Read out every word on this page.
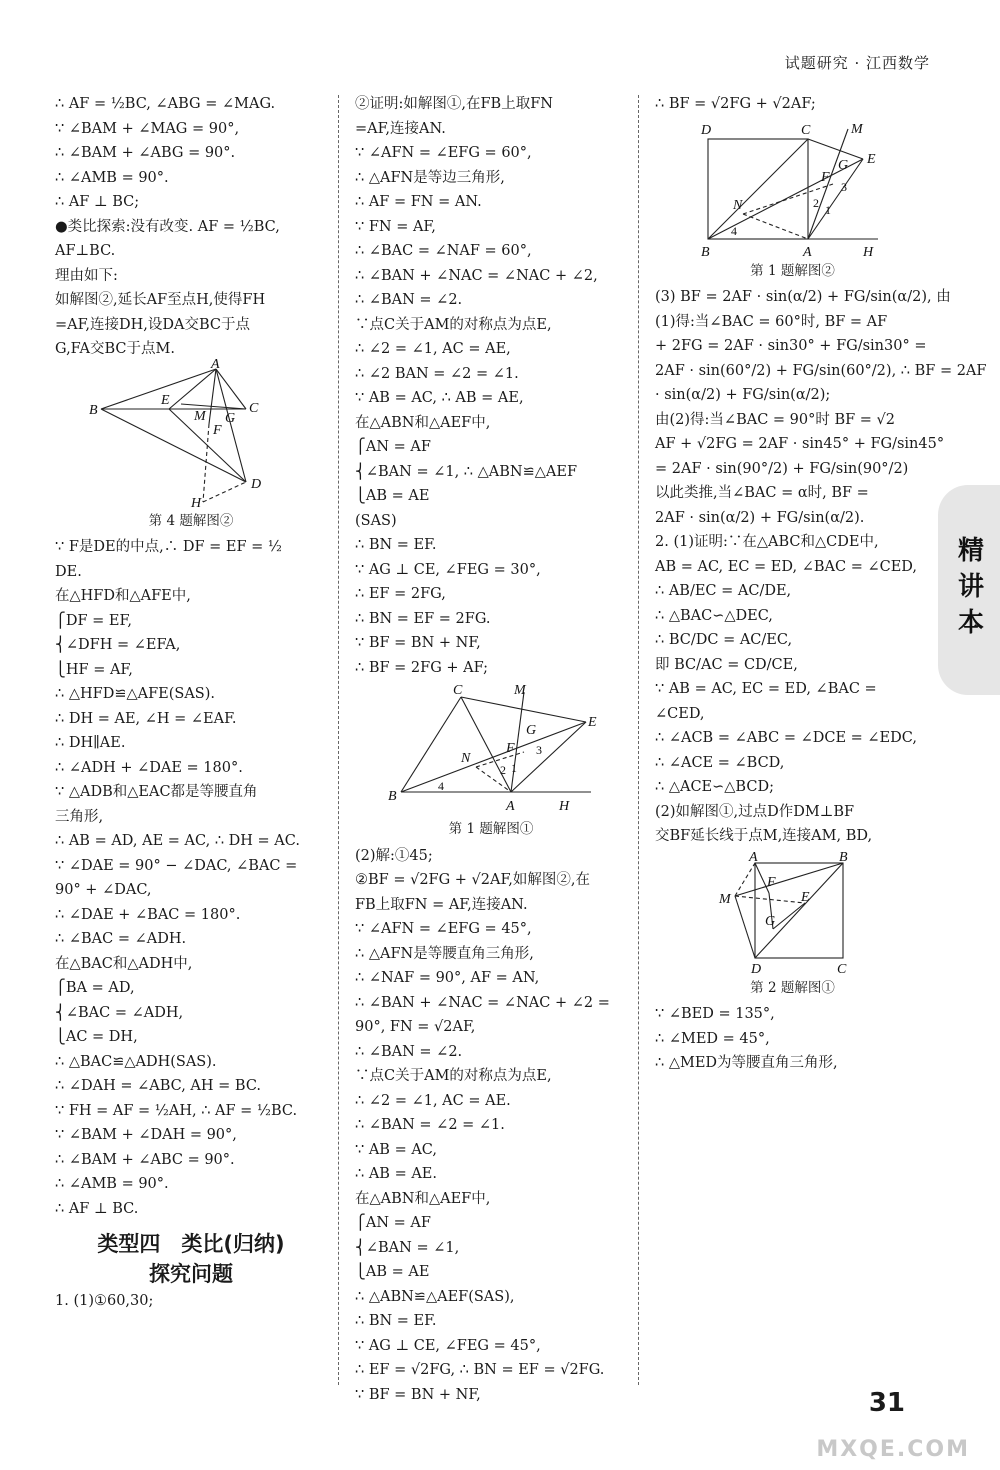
试题研究 · 江西数学
精讲本
∴ AF = ½BC, ∠ABG = ∠MAG.
∵ ∠BAM + ∠MAG = 90°,
∴ ∠BAM + ∠ABG = 90°.
∴ ∠AMB = 90°.
∴ AF ⊥ BC;
●类比探索:没有改变. AF = ½BC,
AF⊥BC.
理由如下:
如解图②,延长AF至点H,使得FH
=AF,连接DH,设DA交BC于点
G,FA交BC于点M.
A
B	C
D
E
F
G
H
M
第 4 题解图②
∵ F是DE的中点,∴ DF = EF = ½
DE.
在△HFD和△AFE中,
⎧DF = EF,
⎨∠DFH = ∠EFA,
⎩HF = AF,
∴ △HFD≌△AFE(SAS).
∴ DH = AE, ∠H = ∠EAF.
∴ DH∥AE.
∴ ∠ADH + ∠DAE = 180°.
∵ △ADB和△EAC都是等腰直角
三角形,
∴ AB = AD, AE = AC, ∴ DH = AC.
∵ ∠DAE = 90° − ∠DAC, ∠BAC =
90° + ∠DAC,
∴ ∠DAE + ∠BAC = 180°.
∴ ∠BAC = ∠ADH.
在△BAC和△ADH中,
⎧BA = AD,
⎨∠BAC = ∠ADH,
⎩AC = DH,
∴ △BAC≌△ADH(SAS).
∴ ∠DAH = ∠ABC, AH = BC.
∵ FH = AF = ½AH, ∴ AF = ½BC.
∵ ∠BAM + ∠DAH = 90°,
∴ ∠BAM + ∠ABC = 90°.
∴ ∠AMB = 90°.
∴ AF ⊥ BC.
类型四　类比(归纳)
探究问题
1. (1)①60,30;
②证明:如解图①,在FB上取FN
=AF,连接AN.
∵ ∠AFN = ∠EFG = 60°,
∴ △AFN是等边三角形,
∴ AF = FN = AN.
∵ FN = AF,
∴ ∠BAC = ∠NAF = 60°,
∴ ∠BAN + ∠NAC = ∠NAC + ∠2,
∴ ∠BAN = ∠2.
∵点C关于AM的对称点为点E,
∴ ∠2 = ∠1, AC = AE,
∴ ∠2 BAN = ∠2 = ∠1.
∵ AB = AC, ∴ AB = AE,
在△ABN和△AEF中,
⎧AN = AF
⎨∠BAN = ∠1, ∴ △ABN≌△AEF
⎩AB = AE
(SAS)
∴ BN = EF.
∵ AG ⊥ CE, ∠FEG = 30°,
∴ EF = 2FG,
∴ BN = EF = 2FG.
∵ BF = BN + NF,
∴ BF = 2FG + AF;
A
B
C
E
F
G
H
M
N
1
2
3
4
第 1 题解图①
(2)解:①45;
②BF = √2FG + √2AF,如解图②,在
FB上取FN = AF,连接AN.
∵ ∠AFN = ∠EFG = 45°,
∴ △AFN是等腰直角三角形,
∴ ∠NAF = 90°, AF = AN,
∴ ∠BAN + ∠NAC = ∠NAC + ∠2 =
90°, FN = √2AF,
∴ ∠BAN = ∠2.
∵点C关于AM的对称点为点E,
∴ ∠2 = ∠1, AC = AE.
∴ ∠BAN = ∠2 = ∠1.
∵ AB = AC,
∴ AB = AE.
在△ABN和△AEF中,
⎧AN = AF
⎨∠BAN = ∠1,
⎩AB = AE
∴ △ABN≌△AEF(SAS),
∴ BN = EF.
∵ AG ⊥ CE, ∠FEG = 45°,
∴ EF = √2FG, ∴ BN = EF = √2FG.
∵ BF = BN + NF,
∴ BF = √2FG + √2AF;
A
B
C
D
E
F
G
H
M
N	1
2
3
4
第 1 题解图②
(3) BF = 2AF · sin(α/2) + FG/sin(α/2), 由
(1)得:当∠BAC = 60°时, BF = AF
+ 2FG = 2AF · sin30° + FG/sin30° =
2AF · sin(60°/2) + FG/sin(60°/2), ∴ BF = 2AF
· sin(α/2) + FG/sin(α/2);
由(2)得:当∠BAC = 90°时 BF = √2
AF + √2FG = 2AF · sin45° + FG/sin45°
= 2AF · sin(90°/2) + FG/sin(90°/2)
以此类推,当∠BAC = α时, BF =
2AF · sin(α/2) + FG/sin(α/2).
2. (1)证明:∵在△ABC和△CDE中,
AB = AC, EC = ED, ∠BAC = ∠CED,
∴ AB/EC = AC/DE,
∴ △BAC∽△DEC,
∴ BC/DC = AC/EC,
即 BC/AC = CD/CE,
∵ AB = AC, EC = ED, ∠BAC =
∠CED,
∴ ∠ACB = ∠ABC = ∠DCE = ∠EDC,
∴ ∠ACE = ∠BCD,
∴ △ACE∽△BCD;
(2)如解图①,过点D作DM⊥BF
交BF延长线于点M,连接AM, BD,
A	B
C
D
E
F
G
M
第 2 题解图①
∵ ∠BED = 135°,
∴ ∠MED = 45°,
∴ △MED为等腰直角三角形,
31
MXQE.COM
